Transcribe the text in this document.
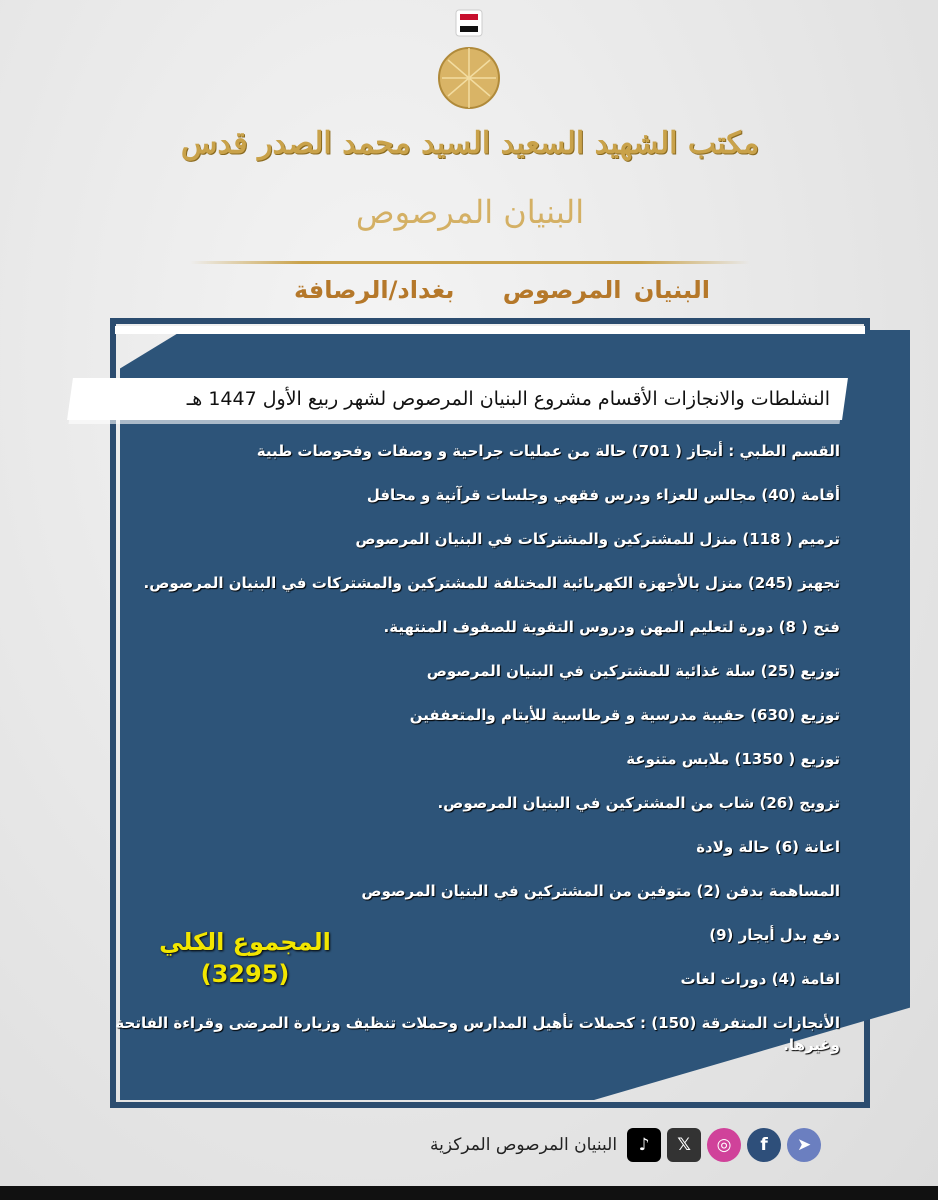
مكتب الشهيد السعيد السيد محمد الصدر قدس
البنيان المرصوص
البنيان المرصوص بغداد/الرصافة
النشلطات والانجازات الأقسام مشروع البنيان المرصوص لشهر ربيع الأول 1447 هـ
القسم الطبي : أنجاز ( 701) حالة من عمليات جراحية و وصفات وفحوصات طبية
أقامة (40) مجالس للعزاء ودرس فقهي وجلسات قرآنية و محافل
ترميم ( 118) منزل للمشتركين والمشتركات في البنيان المرصوص
تجهيز (245) منزل بالأجهزة الكهربائية المختلفة للمشتركين والمشتركات في البنيان المرصوص.
فتح ( 8) دورة لتعليم المهن ودروس التقوية للصفوف المنتهية.
توزيع (25) سلة غذائية للمشتركين في البنيان المرصوص
توزيع (630) حقيبة مدرسية و قرطاسية للأيتام والمتعففين
توزيع ( 1350) ملابس متنوعة
تزويج (26) شاب من المشتركين في البنيان المرصوص.
اعانة (6) حالة ولادة
المساهمة بدفن (2) متوفين من المشتركين في البنيان المرصوص
دفع بدل أيجار (9)
اقامة (4) دورات لغات
الأنجازات المتفرقة (150) : كحملات تأهيل المدارس وحملات تنظيف وزيارة المرضى وقراءة الفاتحة وغيرها.
المجموع الكلي
(3295)
➤
f
◎
𝕏
♪
البنيان المرصوص المركزية
